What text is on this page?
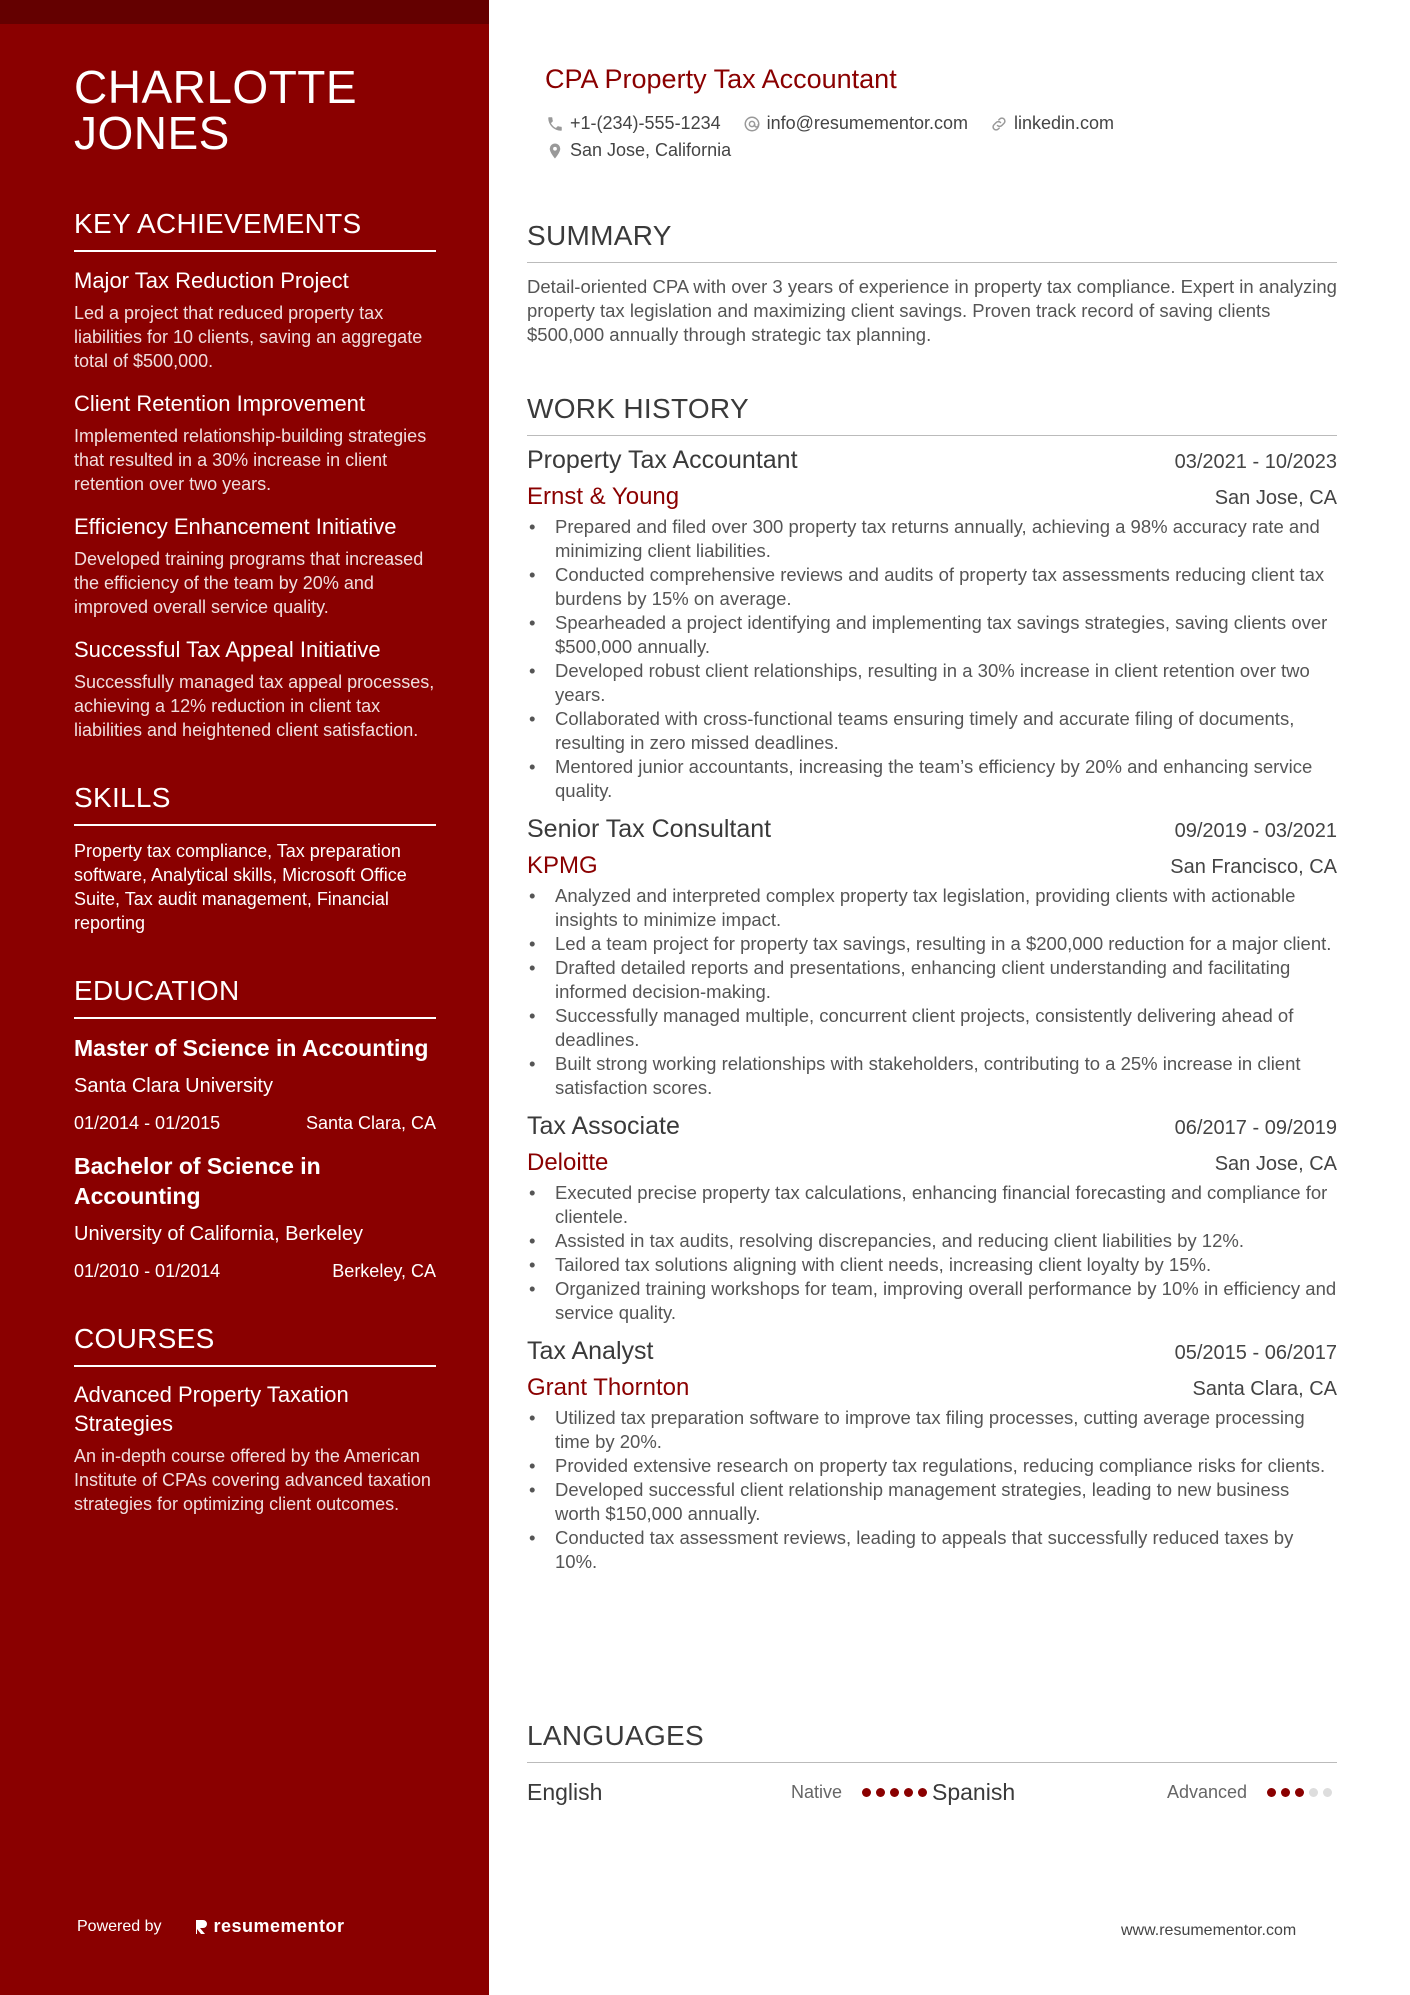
CHARLOTTE JONES
KEY ACHIEVEMENTS
Major Tax Reduction Project
Led a project that reduced property tax liabilities for 10 clients, saving an aggregate total of $500,000.
Client Retention Improvement
Implemented relationship-building strategies that resulted in a 30% increase in client retention over two years.
Efficiency Enhancement Initiative
Developed training programs that increased the efficiency of the team by 20% and improved overall service quality.
Successful Tax Appeal Initiative
Successfully managed tax appeal processes, achieving a 12% reduction in client tax liabilities and heightened client satisfaction.
SKILLS
Property tax compliance, Tax preparation software, Analytical skills, Microsoft Office Suite, Tax audit management, Financial reporting
EDUCATION
Master of Science in Accounting
Santa Clara University
01/2014 - 01/2015	Santa Clara, CA
Bachelor of Science in Accounting
University of California, Berkeley
01/2010 - 01/2014	Berkeley, CA
COURSES
Advanced Property Taxation Strategies
An in-depth course offered by the American Institute of CPAs covering advanced taxation strategies for optimizing client outcomes.
Powered by	resumementor
CPA Property Tax Accountant
+1-(234)-555-1234	info@resumementor.com	linkedin.com
San Jose, California
SUMMARY
Detail-oriented CPA with over 3 years of experience in property tax compliance. Expert in analyzing property tax legislation and maximizing client savings. Proven track record of saving clients $500,000 annually through strategic tax planning.
WORK HISTORY
Property Tax Accountant	03/2021 - 10/2023
Ernst & Young	San Jose, CA
• Prepared and filed over 300 property tax returns annually, achieving a 98% accuracy rate and minimizing client liabilities.
• Conducted comprehensive reviews and audits of property tax assessments reducing client tax burdens by 15% on average.
• Spearheaded a project identifying and implementing tax savings strategies, saving clients over $500,000 annually.
• Developed robust client relationships, resulting in a 30% increase in client retention over two years.
• Collaborated with cross-functional teams ensuring timely and accurate filing of documents, resulting in zero missed deadlines.
• Mentored junior accountants, increasing the team’s efficiency by 20% and enhancing service quality.
Senior Tax Consultant	09/2019 - 03/2021
KPMG	San Francisco, CA
• Analyzed and interpreted complex property tax legislation, providing clients with actionable insights to minimize impact.
• Led a team project for property tax savings, resulting in a $200,000 reduction for a major client.
• Drafted detailed reports and presentations, enhancing client understanding and facilitating informed decision-making.
• Successfully managed multiple, concurrent client projects, consistently delivering ahead of deadlines.
• Built strong working relationships with stakeholders, contributing to a 25% increase in client satisfaction scores.
Tax Associate	06/2017 - 09/2019
Deloitte	San Jose, CA
• Executed precise property tax calculations, enhancing financial forecasting and compliance for clientele.
• Assisted in tax audits, resolving discrepancies, and reducing client liabilities by 12%.
• Tailored tax solutions aligning with client needs, increasing client loyalty by 15%.
• Organized training workshops for team, improving overall performance by 10% in efficiency and service quality.
Tax Analyst	05/2015 - 06/2017
Grant Thornton	Santa Clara, CA
• Utilized tax preparation software to improve tax filing processes, cutting average processing time by 20%.
• Provided extensive research on property tax regulations, reducing compliance risks for clients.
• Developed successful client relationship management strategies, leading to new business worth $150,000 annually.
• Conducted tax assessment reviews, leading to appeals that successfully reduced taxes by 10%.
LANGUAGES
English	Native	Spanish	Advanced
www.resumementor.com
